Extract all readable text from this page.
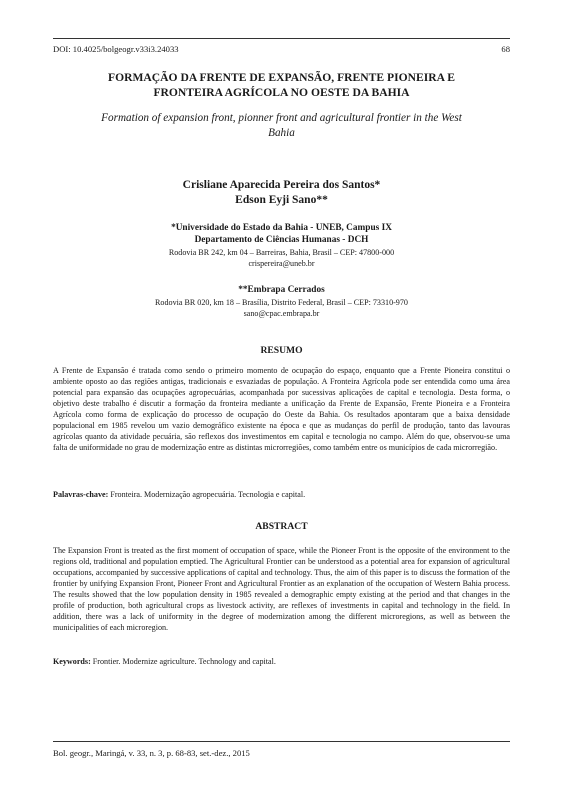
DOI: 10.4025/bolgeogr.v33i3.24033	68
FORMAÇÃO DA FRENTE DE EXPANSÃO, FRENTE PIONEIRA E
FRONTEIRA AGRÍCOLA NO OESTE DA BAHIA
Formation of expansion front, pionner front and agricultural frontier in the West
Bahia
Crisliane Aparecida Pereira dos Santos*
Edson Eyji Sano**
*Universidade do Estado da Bahia - UNEB, Campus IX
Departamento de Ciências Humanas - DCH
Rodovia BR 242, km 04 – Barreiras, Bahia, Brasil – CEP: 47800-000
crispereira@uneb.br
**Embrapa Cerrados
Rodovia BR 020, km 18 – Brasília, Distrito Federal, Brasil – CEP: 73310-970
sano@cpac.embrapa.br
RESUMO
A Frente de Expansão é tratada como sendo o primeiro momento de ocupação do espaço, enquanto que a Frente Pioneira constitui o ambiente oposto ao das regiões antigas, tradicionais e esvaziadas de população. A Fronteira Agrícola pode ser entendida como uma área potencial para expansão das ocupações agropecuárias, acompanhada por sucessivas aplicações de capital e tecnologia. Desta forma, o objetivo deste trabalho é discutir a formação da fronteira mediante a unificação da Frente de Expansão, Frente Pioneira e a Fronteira Agrícola como forma de explicação do processo de ocupação do Oeste da Bahia. Os resultados apontaram que a baixa densidade populacional em 1985 revelou um vazio demográfico existente na época e que as mudanças do perfil de produção, tanto das lavouras agrícolas quanto da atividade pecuária, são reflexos dos investimentos em capital e tecnologia no campo. Além do que, observou-se uma falta de uniformidade no grau de modernização entre as distintas microrregiões, como também entre os municípios de cada microrregião.
Palavras-chave: Fronteira. Modernização agropecuária. Tecnologia e capital.
ABSTRACT
The Expansion Front is treated as the first moment of occupation of space, while the Pioneer Front is the opposite of the environment to the regions old, traditional and population emptied. The Agricultural Frontier can be understood as a potential area for expansion of agricultural occupations, accompanied by successive applications of capital and technology. Thus, the aim of this paper is to discuss the formation of the frontier by unifying Expansion Front, Pioneer Front and Agricultural Frontier as an explanation of the occupation of Western Bahia process. The results showed that the low population density in 1985 revealed a demographic empty existing at the period and that changes in the profile of production, both agricultural crops as livestock activity, are reflexes of investments in capital and technology in the field. In addition, there was a lack of uniformity in the degree of modernization among the different microregions, as well as between the municipalities of each microregion.
Keywords: Frontier. Modernize agriculture. Technology and capital.
Bol. geogr., Maringá, v. 33, n. 3, p. 68-83, set.-dez., 2015
